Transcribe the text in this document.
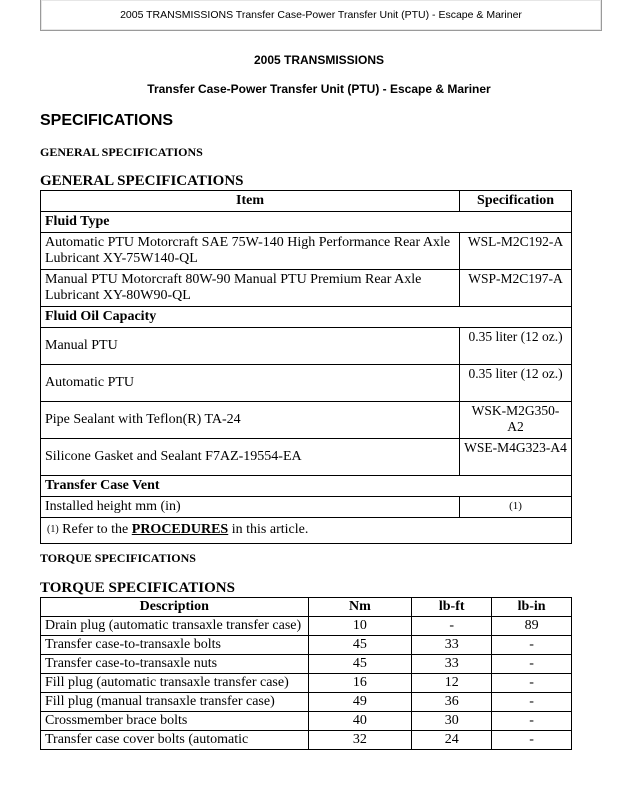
2005 TRANSMISSIONS Transfer Case-Power Transfer Unit (PTU) - Escape & Mariner
2005 TRANSMISSIONS
Transfer Case-Power Transfer Unit (PTU) - Escape & Mariner
SPECIFICATIONS
GENERAL SPECIFICATIONS
GENERAL SPECIFICATIONS
Item	Specification
Fluid Type	
Automatic PTU Motorcraft SAE 75W-140 High Performance Rear Axle Lubricant XY-75W140-QL	WSL-M2C192-A
Manual PTU Motorcraft 80W-90 Manual PTU Premium Rear Axle Lubricant XY-80W90-QL	WSP-M2C197-A
Fluid Oil Capacity	
Manual PTU	0.35 liter (12 oz.)
Automatic PTU	0.35 liter (12 oz.)
Pipe Sealant with Teflon(R) TA-24	WSK-M2G350-A2
Silicone Gasket and Sealant F7AZ-19554-EA	WSE-M4G323-A4
Transfer Case Vent	
Installed height mm (in)	(1)
$^{(1)}$ Refer to the PROCEDURES in this article.	
TORQUE SPECIFICATIONS
TORQUE SPECIFICATIONS
Description	Nm	lb-ft	lb-in
Drain plug (automatic transaxle transfer case)	10	-	89
Transfer case-to-transaxle bolts	45	33	-
Transfer case-to-transaxle nuts	45	33	-
Fill plug (automatic transaxle transfer case)	16	12	-
Fill plug (manual transaxle transfer case)	49	36	-
Crossmember brace bolts	40	30	-
Transfer case cover bolts (automatic	32	24	-
